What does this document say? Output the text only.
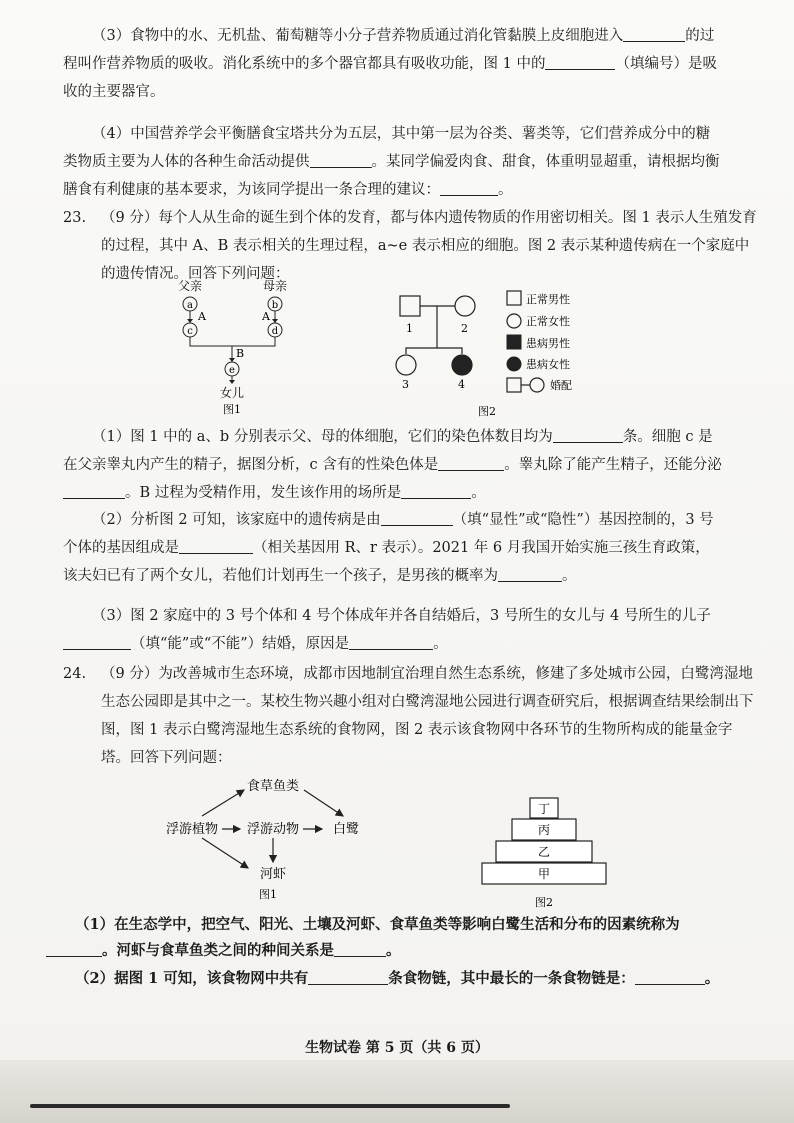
（3）食物中的水、无机盐、葡萄糖等小分子营养物质通过消化管黏膜上皮细胞进入	的过程叫作营养物质的吸收。消化系统中的多个器官都具有吸收功能，图 1 中的	（填编号）是吸收的主要器官。
（4）中国营养学会平衡膳食宝塔共分为五层，其中第一层为谷类、薯类等，它们营养成分中的糖类物质主要为人体的各种生命活动提供	。某同学偏爱肉食、甜食，体重明显超重，请根据均衡膳食有利健康的基本要求，为该同学提出一条合理的建议：	。
23. （9 分）每个人从生命的诞生到个体的发育，都与体内遗传物质的作用密切相关。图 1 表示人生殖发育的过程，其中 A、B 表示相关的生理过程，a~e 表示相应的细胞。图 2 表示某种遗传病在一个家庭中的遗传情况。回答下列问题：
父亲	母亲
a	b
A	A
c	d
B
e
女儿
图1
1	2
3	4
图2
正常男性
正常女性
患病男性
患病女性
婚配
（1）图 1 中的 a、b 分别表示父、母的体细胞，它们的染色体数目均为	条。细胞 c 是在父亲睾丸内产生的精子，据图分析，c 含有的性染色体是	。睾丸除了能产生精子，还能分泌。B 过程为受精作用，发生该作用的场所是	。
（2）分析图 2 可知，该家庭中的遗传病是由	（填“显性”或“隐性”）基因控制的，3 号个体的基因组成是	（相关基因用 R、r 表示）。2021 年 6 月我国开始实施三孩生育政策，该夫妇已有了两个女儿，若他们计划再生一个孩子，是男孩的概率为	。
（3）图 2 家庭中的 3 号个体和 4 号个体成年并各自结婚后，3 号所生的女儿与 4 号所生的儿子（填“能”或“不能”）结婚，原因是	。
24. （9 分）为改善城市生态环境，成都市因地制宜治理自然生态系统，修建了多处城市公园，白鹭湾湿地生态公园即是其中之一。某校生物兴趣小组对白鹭湾湿地公园进行调查研究后，根据调查结果绘制出下图，图 1 表示白鹭湾湿地生态系统的食物网，图 2 表示该食物网中各环节的生物所构成的能量金字塔。回答下列问题：
食草鱼类
浮游植物 浮游动物	白鹭
河虾
图1
丁
丙
乙
甲
图2
（1）在生态学中，把空气、阳光、土壤及河虾、食草鱼类等影响白鹭生活和分布的因素统称为。河虾与食草鱼类之间的种间关系是	。
（2）据图 1 可知，该食物网中共有	条食物链，其中最长的一条食物链是：	。
生物试卷 第 5 页（共 6 页）
